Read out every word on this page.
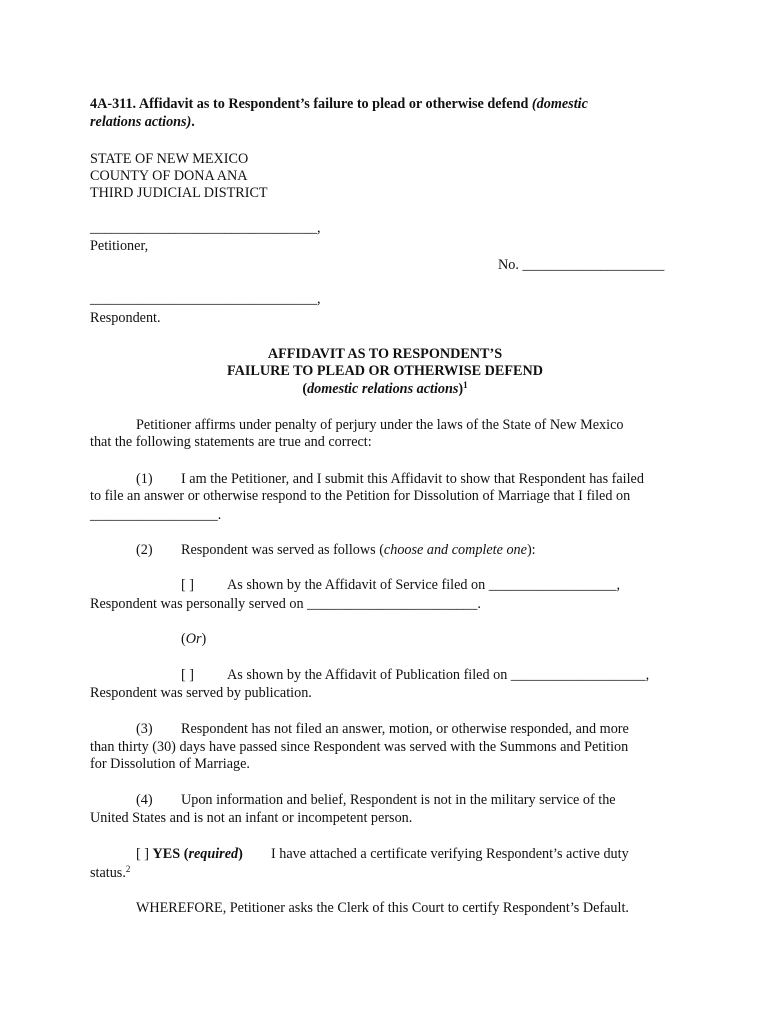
4A-311. Affidavit as to Respondent’s failure to plead or otherwise defend (domestic
relations actions).
STATE OF NEW MEXICO
COUNTY OF DONA ANA
THIRD JUDICIAL DISTRICT
________________________________,
Petitioner,
No. ____________________
________________________________,
Respondent.
AFFIDAVIT AS TO RESPONDENT’S
FAILURE TO PLEAD OR OTHERWISE DEFEND
(domestic relations actions)$^1$
Petitioner affirms under penalty of perjury under the laws of the State of New Mexico
that the following statements are true and correct:
(1) I am the Petitioner, and I submit this Affidavit to show that Respondent has failed
to file an answer or otherwise respond to the Petition for Dissolution of Marriage that I filed on
__________________.
(2) Respondent was served as follows (choose and complete one):
[ ] As shown by the Affidavit of Service filed on __________________,
Respondent was personally served on ________________________.
(Or)
[ ] As shown by the Affidavit of Publication filed on ___________________,
Respondent was served by publication.
(3) Respondent has not filed an answer, motion, or otherwise responded, and more
than thirty (30) days have passed since Respondent was served with the Summons and Petition
for Dissolution of Marriage.
(4) Upon information and belief, Respondent is not in the military service of the
United States and is not an infant or incompetent person.
[ ] YES (required) I have attached a certificate verifying Respondent’s active duty
status.$^2$
WHEREFORE, Petitioner asks the Clerk of this Court to certify Respondent’s Default.
